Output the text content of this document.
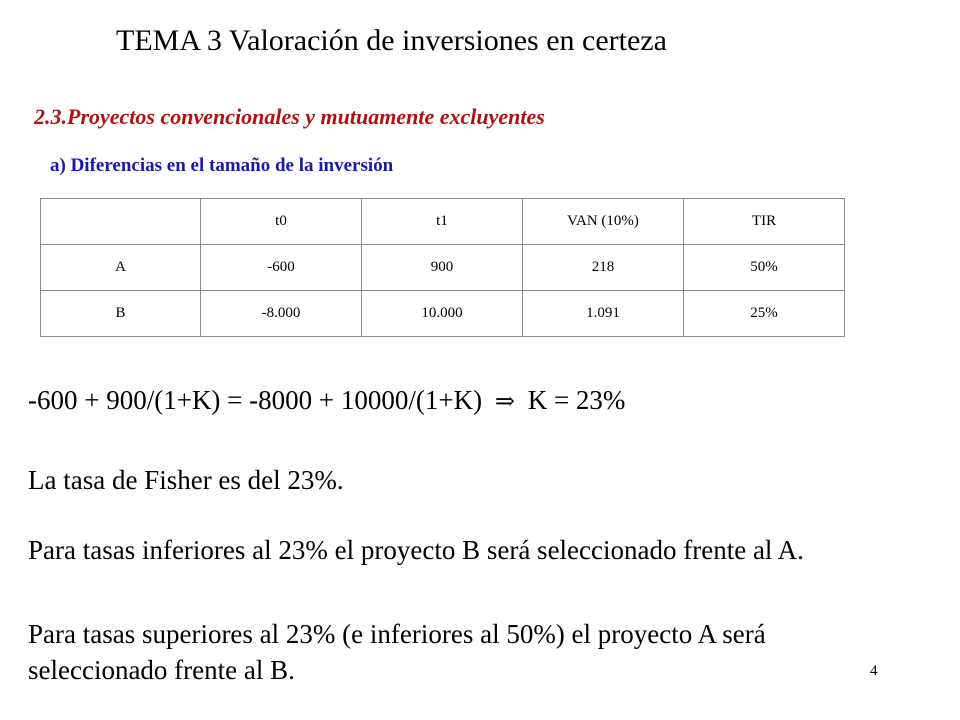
TEMA 3 Valoración de inversiones en certeza
2.3.Proyectos convencionales y mutuamente excluyentes
a) Diferencias en el tamaño de la inversión
	t0	t1	VAN (10%)	TIR
A	-600	900	218	50%
B	-8.000	10.000	1.091	25%
-600 + 900/(1+K) = -8000 + 10000/(1+K) ⇒ K = 23%
La tasa de Fisher es del 23%.
Para tasas inferiores al 23% el proyecto B será seleccionado frente al A.
Para tasas superiores al 23% (e inferiores al 50%) el proyecto A será
seleccionado frente al B.	4
